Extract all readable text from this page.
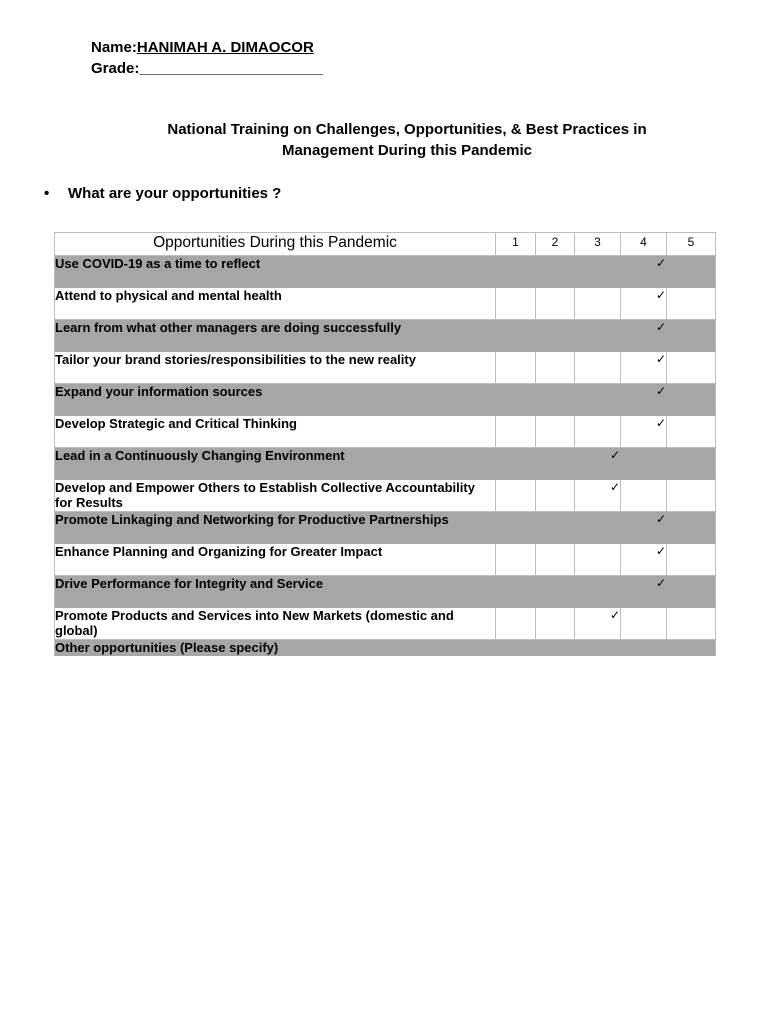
Name:HANIMAH A. DIMAOCOR
Grade:______________________
National Training on Challenges, Opportunities, & Best Practices in
Management During this Pandemic
• What are your opportunities ?
Opportunities During this Pandemic	1	2	3	4	5
Use COVID-19 as a time to reflect				✓	
Attend to physical and mental health				✓	
Learn from what other managers are doing successfully				✓	
Tailor your brand stories/responsibilities to the new reality				✓	
Expand your information sources				✓	
Develop Strategic and Critical Thinking				✓	
Lead in a Continuously Changing Environment			✓		
Develop and Empower Others to Establish Collective Accountability for Results			✓		
Promote Linkaging and Networking for Productive Partnerships				✓	
Enhance Planning and Organizing for Greater Impact				✓	
Drive Performance for Integrity and Service				✓	
Promote Products and Services into New Markets (domestic and global)			✓		
Other opportunities (Please specify)					
